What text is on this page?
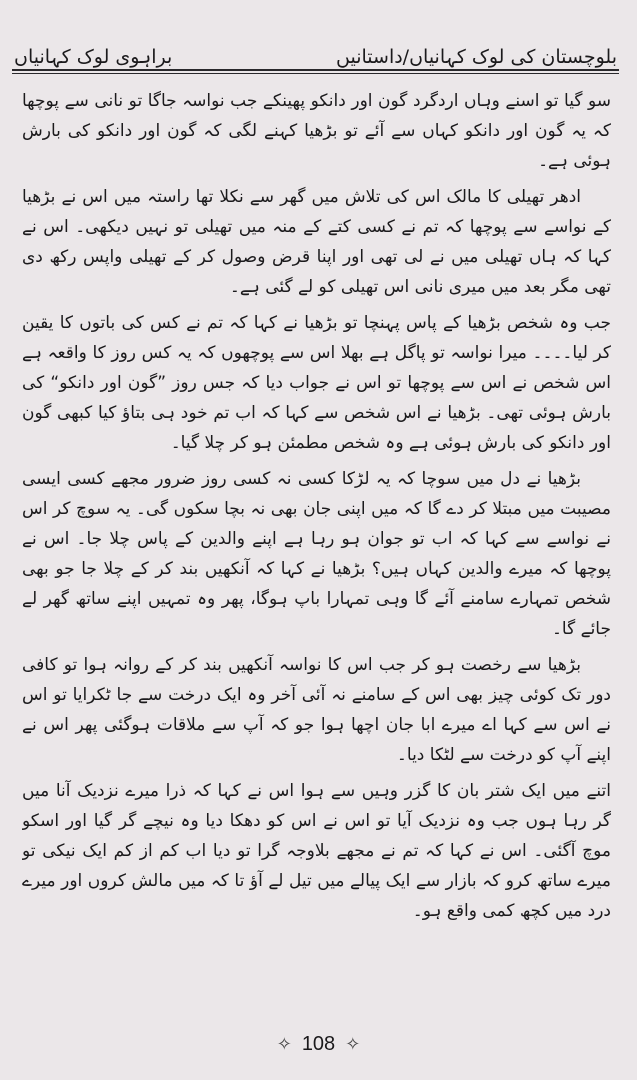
براہوی لوک کہانیاں	بلوچستان کی لوک کہانیاں/داستانیں

سو گیا تو اسنے وہاں اردگرد گون اور دانکو پھینکے جب نواسہ جاگا تو نانی سے پوچھا کہ یہ گون اور دانکو کہاں سے آئے تو بڑھیا کہنے لگی کہ گون اور دانکو کی بارش ہوئی ہے۔

ادھر تھیلی کا مالک اس کی تلاش میں گھر سے نکلا تھا راستہ میں اس نے بڑھیا کے نواسے سے پوچھا کہ تم نے کسی کتے کے منہ میں تھیلی تو نہیں دیکھی۔ اس نے کہا کہ ہاں تھیلی میں نے لی تھی اور اپنا قرض وصول کر کے تھیلی واپس رکھ دی تھی مگر بعد میں میری نانی اس تھیلی کو لے گئی ہے۔

جب وہ شخص بڑھیا کے پاس پہنچا تو بڑھیا نے کہا کہ تم نے کس کی باتوں کا یقین کر لیا۔۔۔۔ میرا نواسہ تو پاگل ہے بھلا اس سے پوچھوں کہ یہ کس روز کا واقعہ ہے اس شخص نے اس سے پوچھا تو اس نے جواب دیا کہ جس روز ”گون اور دانکو“ کی بارش ہوئی تھی۔ بڑھیا نے اس شخص سے کہا کہ اب تم خود ہی بتاؤ کیا کبھی گون اور دانکو کی بارش ہوئی ہے وہ شخص مطمئن ہو کر چلا گیا۔

بڑھیا نے دل میں سوچا کہ یہ لڑکا کسی نہ کسی روز ضرور مجھے کسی ایسی مصیبت میں مبتلا کر دے گا کہ میں اپنی جان بھی نہ بچا سکوں گی۔ یہ سوچ کر اس نے نواسے سے کہا کہ اب تو جوان ہو رہا ہے اپنے والدین کے پاس چلا جا۔ اس نے پوچھا کہ میرے والدین کہاں ہیں؟ بڑھیا نے کہا کہ آنکھیں بند کر کے چلا جا جو بھی شخص تمہارے سامنے آئے گا وہی تمہارا باپ ہوگا، پھر وہ تمہیں اپنے ساتھ گھر لے جائے گا۔

بڑھیا سے رخصت ہو کر جب اس کا نواسہ آنکھیں بند کر کے روانہ ہوا تو کافی دور تک کوئی چیز بھی اس کے سامنے نہ آئی آخر وہ ایک درخت سے جا ٹکرایا تو اس نے اس سے کہا اے میرے ابا جان اچھا ہوا جو کہ آپ سے ملاقات ہوگئی پھر اس نے اپنے آپ کو درخت سے لٹکا دیا۔

اتنے میں ایک شتر بان کا گزر وہیں سے ہوا اس نے کہا کہ ذرا میرے نزدیک آنا میں گر رہا ہوں جب وہ نزدیک آیا تو اس نے اس کو دھکا دیا وہ نیچے گر گیا اور اسکو موچ آگئی۔ اس نے کہا کہ تم نے مجھے بلاوجہ گرا تو دیا اب کم از کم ایک نیکی تو میرے ساتھ کرو کہ بازار سے ایک پیالے میں تیل لے آؤ تا کہ میں مالش کروں اور میرے درد میں کچھ کمی واقع ہو۔

✧ 108 ✧
